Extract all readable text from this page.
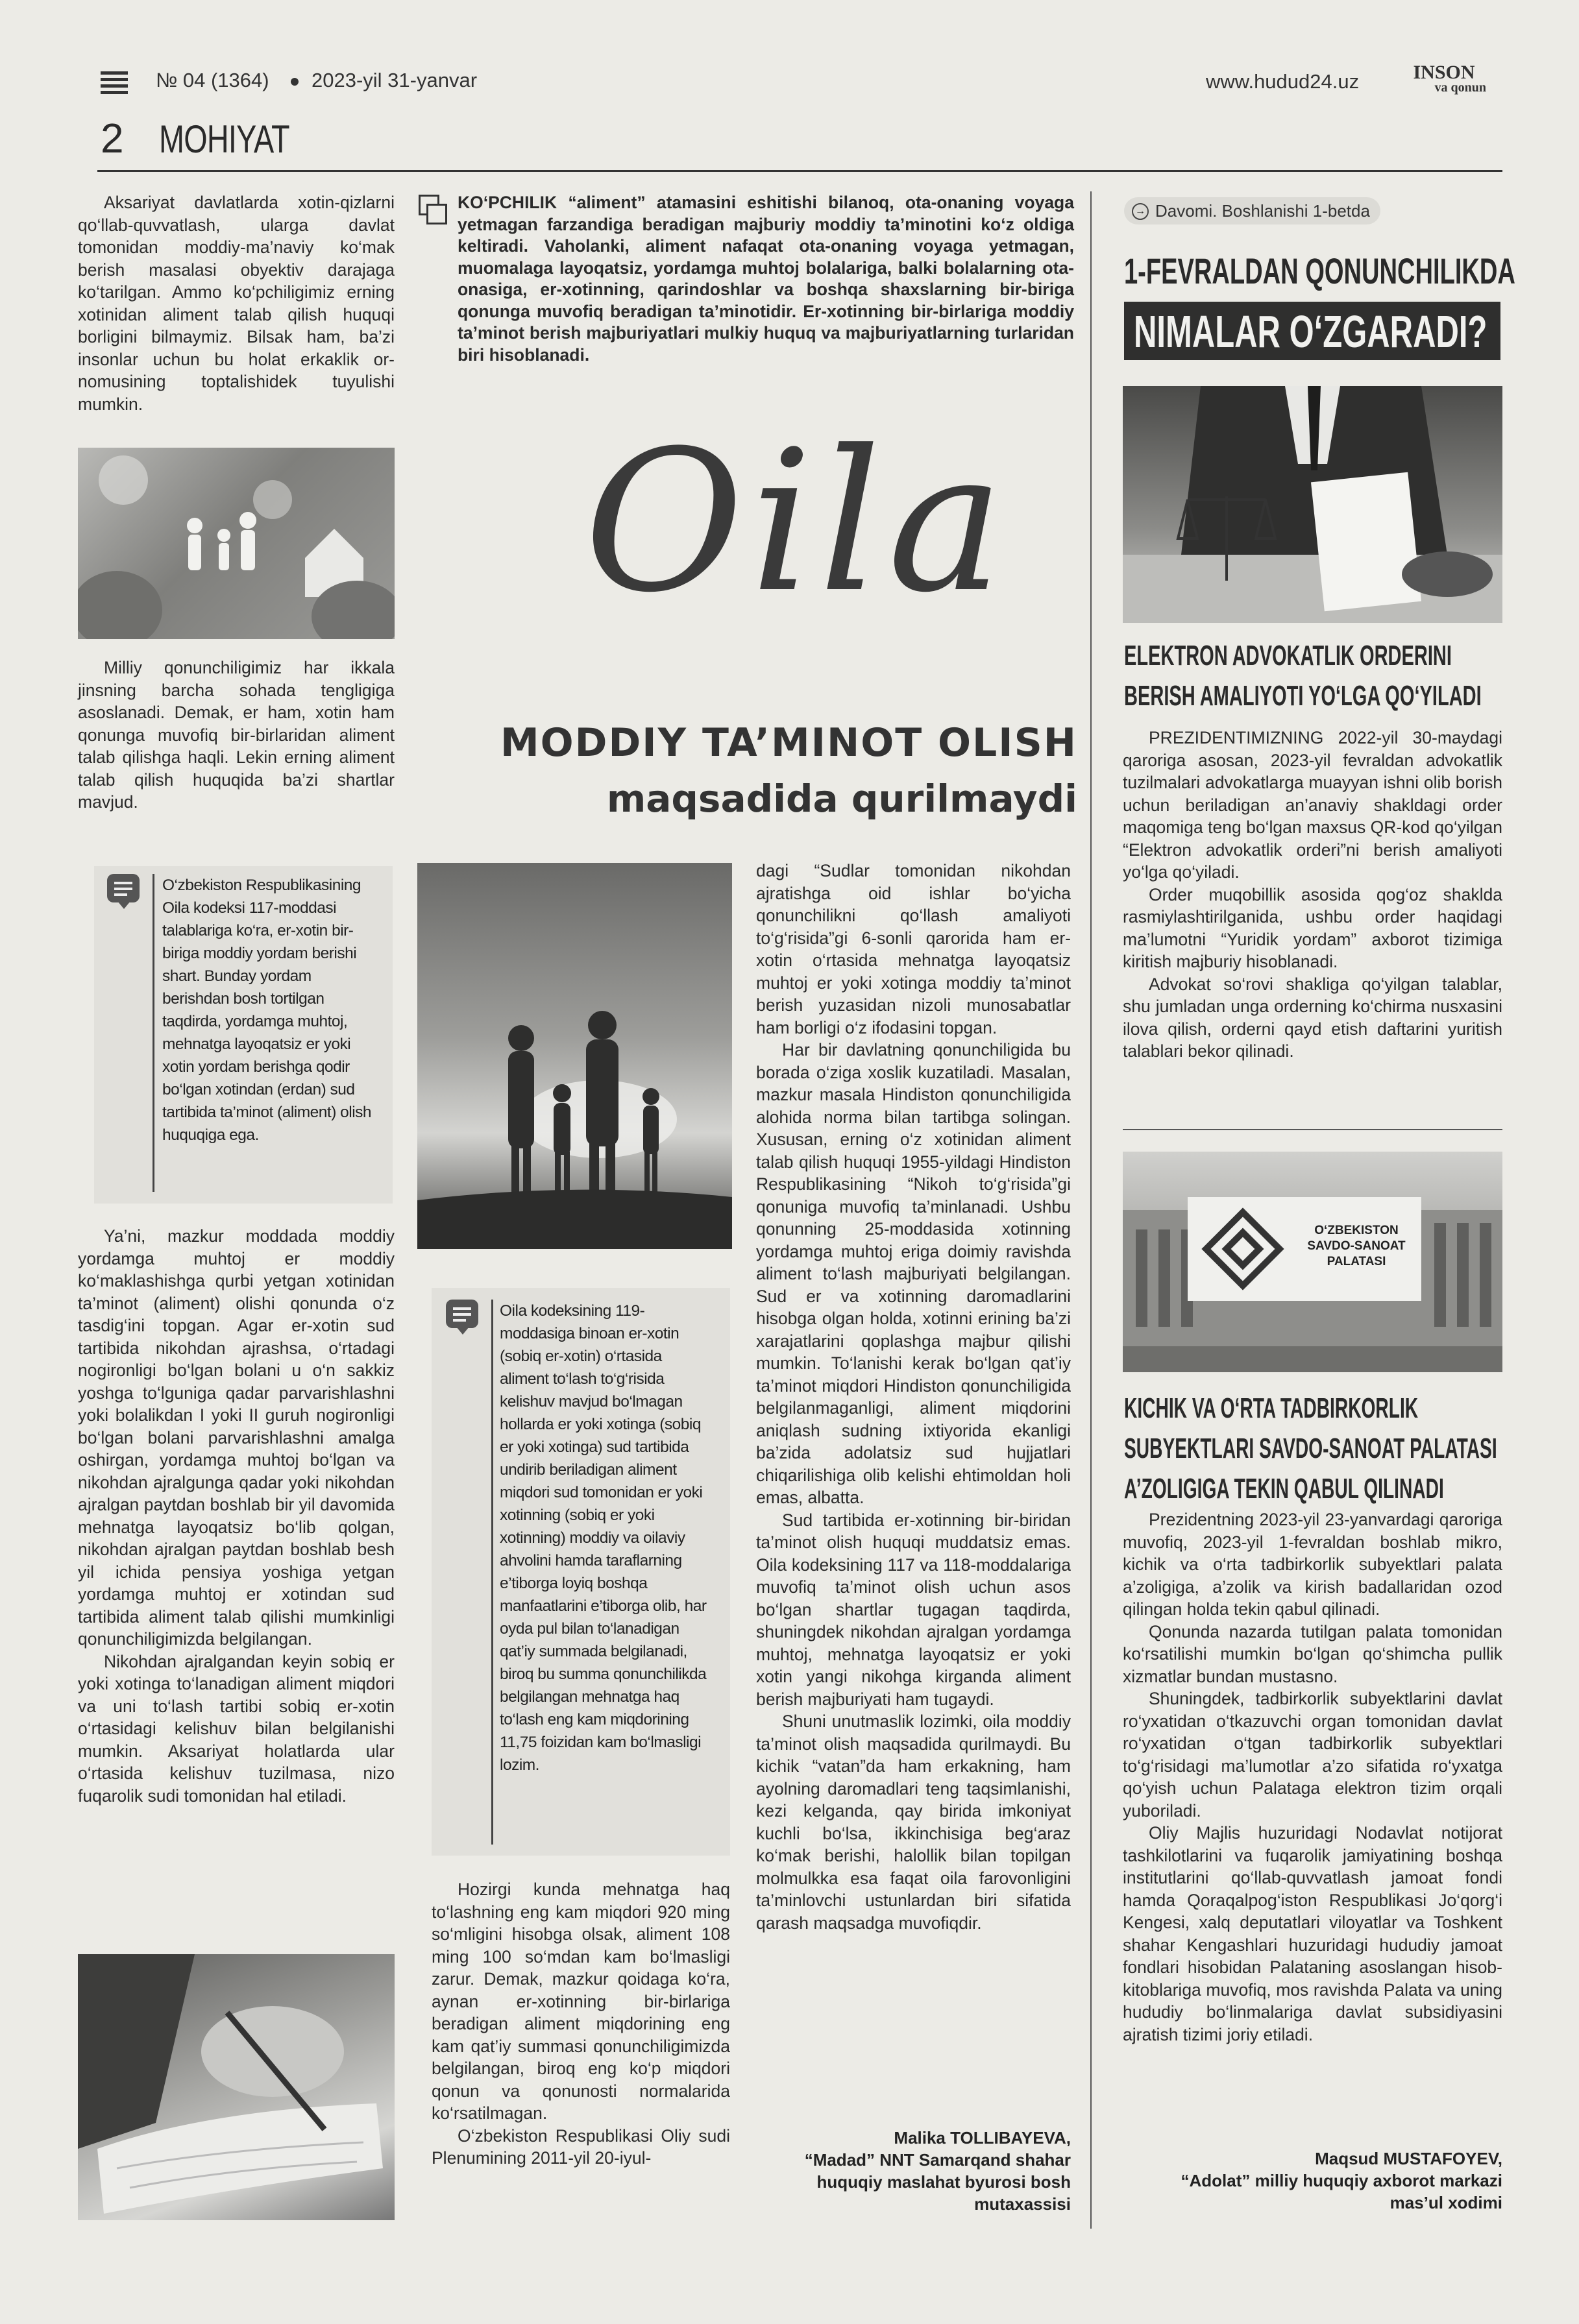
№ 04 (1364) 2023-yil 31-yanvar	www.hudud24.uz	INSON
va qonun
2 MOHIYAT

Aksariyat davlatlarda xotin-qizlarni qo‘llab-quvvatlash, ularga davlat tomonidan moddiy-ma’naviy ko‘mak berish masalasi obyektiv darajaga ko‘tarilgan. Ammo ko‘pchiligimiz erning xotinidan aliment talab qilish huquqi borligini bilmaymiz. Bilsak ham, ba’zi insonlar uchun bu holat erkaklik or-nomusining toptalishidek tuyulishi mumkin.

Milliy qonunchiligimiz har ikkala jinsning barcha sohada tengligiga asoslanadi. Demak, er ham, xotin ham qonunga muvofiq bir-birlaridan aliment talab qilishga haqli. Lekin erning aliment talab qilish huquqida ba’zi shartlar mavjud.

O‘zbekiston Respublikasining Oila kodeksi 117-moddasi talablariga ko‘ra, er-xotin bir-biriga moddiy yordam berishi shart. Bunday yordam berishdan bosh tortilgan taqdirda, yordamga muhtoj, mehnatga layoqatsiz er yoki xotin yordam berishga qodir bo‘lgan xotindan (erdan) sud tartibida ta’minot (aliment) olish huquqiga ega.

Ya’ni, mazkur moddada moddiy yordamga muhtoj er moddiy ko‘maklashishga qurbi yetgan xotinidan ta’minot (aliment) olishi qonunda o‘z tasdig‘ini topgan. Agar er-xotin sud tartibida nikohdan ajrashsa, o‘rtadagi nogironligi bo‘lgan bolani u o‘n sakkiz yoshga to‘lguniga qadar parvarishlashni yoki bolalikdan I yoki II guruh nogironligi bo‘lgan bolani parvarishlashni amalga oshirgan, yordamga muhtoj bo‘lgan va nikohdan ajralgunga qadar yoki nikohdan ajralgan paytdan boshlab bir yil davomida mehnatga layoqatsiz bo‘lib qolgan, nikohdan ajralgan paytdan boshlab besh yil ichida pensiya yoshiga yetgan yordamga muhtoj er xotindan sud tartibida aliment talab qilishi mumkinligi qonunchiligimizda belgilangan.

Nikohdan ajralgandan keyin sobiq er yoki xotinga to‘lanadigan aliment miqdori va uni to‘lash tartibi sobiq er-xotin o‘rtasidagi kelishuv bilan belgilanishi mumkin. Aksariyat holatlarda ular o‘rtasida kelishuv tuzilmasa, nizo fuqarolik sudi tomonidan hal etiladi.

KO‘PCHILIK “aliment” atamasini eshitishi bilanoq, ota-onaning voyaga yetmagan farzandiga beradigan majburiy moddiy ta’minotini ko‘z oldiga keltiradi. Vaholanki, aliment nafaqat ota-onaning voyaga yetmagan, muomalaga layoqatsiz, yordamga muhtoj bolalariga, balki bolalarning ota-onasiga, er-xotinning, qarindoshlar va boshqa shaxslarning bir-biriga qonunga muvofiq beradigan ta’minotidir. Er-xotinning bir-birlariga moddiy ta’minot berish majburiyatlari mulkiy huquq va majburiyatlarning turlaridan biri hisoblanadi.
Oila
MODDIY TA’MINOT OLISH
maqsadida qurilmaydi
Oila kodeksining 119-moddasiga binoan er-xotin (sobiq er-xotin) o‘rtasida aliment to‘lash to‘g‘risida kelishuv mavjud bo‘lmagan hollarda er yoki xotinga (sobiq er yoki xotinga) sud tartibida undirib beriladigan aliment miqdori sud tomonidan er yoki xotinning (sobiq er yoki xotinning) moddiy va oilaviy ahvolini hamda taraflarning e’tiborga loyiq boshqa manfaatlarini e’tiborga olib, har oyda pul bilan to‘lanadigan qat’iy summada belgilanadi, biroq bu summa qonunchilikda belgilangan mehnatga haq to‘lash eng kam miqdorining 11,75 foizidan kam bo‘lmasligi lozim.

Hozirgi kunda mehnatga haq to‘lashning eng kam miqdori 920 ming so‘mligini hisobga olsak, aliment 108 ming 100 so‘mdan kam bo‘lmasligi zarur. Demak, mazkur qoidaga ko‘ra, aynan er-xotinning bir-birlariga beradigan aliment miqdorining eng kam qat’iy summasi qonunchiligimizda belgilangan, biroq eng ko‘p miqdori qonun va qonunosti normalarida ko‘rsatilmagan.

O‘zbekiston Respublikasi Oliy sudi Plenumining 2011-yil 20-iyul-

dagi “Sudlar tomonidan nikohdan ajratishga oid ishlar bo‘yicha qonunchilikni qo‘llash amaliyoti to‘g‘risida”gi 6-sonli qarorida ham er-xotin o‘rtasida mehnatga layoqatsiz muhtoj er yoki xotinga moddiy ta’minot berish yuzasidan nizoli munosabatlar ham borligi o‘z ifodasini topgan.

Har bir davlatning qonunchiligida bu borada o‘ziga xoslik kuzatiladi. Masalan, mazkur masala Hindiston qonunchiligida alohida norma bilan tartibga solingan. Xususan, erning o‘z xotinidan aliment talab qilish huquqi 1955-yildagi Hindiston Respublikasining “Nikoh to‘g‘risida”gi qonuniga muvofiq ta’minlanadi. Ushbu qonunning 25-moddasida xotinning yordamga muhtoj eriga doimiy ravishda aliment to‘lash majburiyati belgilangan. Sud er va xotinning daromadlarini hisobga olgan holda, xotinni erining ba’zi xarajatlarini qoplashga majbur qilishi mumkin. To‘lanishi kerak bo‘lgan qat’iy ta’minot miqdori Hindiston qonunchiligida belgilanmaganligi, aliment miqdorini aniqlash sudning ixtiyorida ekanligi ba’zida adolatsiz sud hujjatlari chiqarilishiga olib kelishi ehtimoldan holi emas, albatta.

Sud tartibida er-xotinning bir-biridan ta’minot olish huquqi muddatsiz emas. Oila kodeksining 117 va 118-moddalariga muvofiq ta’minot olish uchun asos bo‘lgan shartlar tugagan taqdirda, shuningdek nikohdan ajralgan yordamga muhtoj, mehnatga layoqatsiz er yoki xotin yangi nikohga kirganda aliment berish majburiyati ham tugaydi.

Shuni unutmaslik lozimki, oila moddiy ta’minot olish maqsadida qurilmaydi. Bu kichik “vatan”da ham erkakning, ham ayolning daromadlari teng taqsimlanishi, kezi kelganda, qay birida imkoniyat kuchli bo‘lsa, ikkinchisiga beg‘araz ko‘mak berishi, halollik bilan topilgan molmulkka esa faqat oila farovonligini ta’minlovchi ustunlardan biri sifatida qarash maqsadga muvofiqdir.

Malika TOLLIBAYEVA,
“Madad” NNT Samarqand shahar
huquqiy maslahat byurosi bosh
mutaxassisi
→ Davomi. Boshlanishi 1-betda
1-FEVRALDAN QONUNCHILIKDA
NIMALAR O‘ZGARADI?
ELEKTRON ADVOKATLIK ORDERINI
BERISH AMALIYOTI YO‘LGA QO‘YILADI

PREZIDENTIMIZNING 2022-yil 30-maydagi qaroriga asosan, 2023-yil fevraldan advokatlik tuzilmalari advokatlarga muayyan ishni olib borish uchun beriladigan an’anaviy shakldagi order maqomiga teng bo‘lgan maxsus QR-kod qo‘yilgan “Elektron advokatlik orderi”ni berish amaliyoti yo‘lga qo‘yiladi.

Order muqobillik asosida qog‘oz shaklda rasmiylashtirilganida, ushbu order haqidagi ma’lumotni “Yuridik yordam” axborot tizimiga kiritish majburiy hisoblanadi.

Advokat so‘rovi shakliga qo‘yilgan talablar, shu jumladan unga orderning ko‘chirma nusxasini ilova qilish, orderni qayd etish daftarini yuritish talablari bekor qilinadi.

O‘ZBEKISTON
SAVDO-SANOAT
PALATASI
KICHIK VA O‘RTA TADBIRKORLIK
SUBYEKTLARI SAVDO-SANOAT PALATASI
A’ZOLIGIGA TEKIN QABUL QILINADI

Prezidentning 2023-yil 23-yanvardagi qaroriga muvofiq, 2023-yil 1-fevraldan boshlab mikro, kichik va o‘rta tadbirkorlik subyektlari palata a’zoligiga, a’zolik va kirish badallaridan ozod qilingan holda tekin qabul qilinadi.

Qonunda nazarda tutilgan palata tomonidan ko‘rsatilishi mumkin bo‘lgan qo‘shimcha pullik xizmatlar bundan mustasno.

Shuningdek, tadbirkorlik subyektlarini davlat ro‘yxatidan o‘tkazuvchi organ tomonidan davlat ro‘yxatidan o‘tgan tadbirkorlik subyektlari to‘g‘risidagi ma’lumotlar a’zo sifatida ro‘yxatga qo‘yish uchun Palataga elektron tizim orqali yuboriladi.

Oliy Majlis huzuridagi Nodavlat notijorat tashkilotlarini va fuqarolik jamiyatining boshqa institutlarini qo‘llab-quvvatlash jamoat fondi hamda Qoraqalpog‘iston Respublikasi Jo‘qorg‘i Kengesi, xalq deputatlari viloyatlar va Toshkent shahar Kengashlari huzuridagi hududiy jamoat fondlari hisobidan Palataning asoslangan hisob-kitoblariga muvofiq, mos ravishda Palata va uning hududiy bo‘linmalariga davlat subsidiyasini ajratish tizimi joriy etiladi.

Maqsud MUSTAFOYEV,
“Adolat” milliy huquqiy axborot markazi
mas’ul xodimi
